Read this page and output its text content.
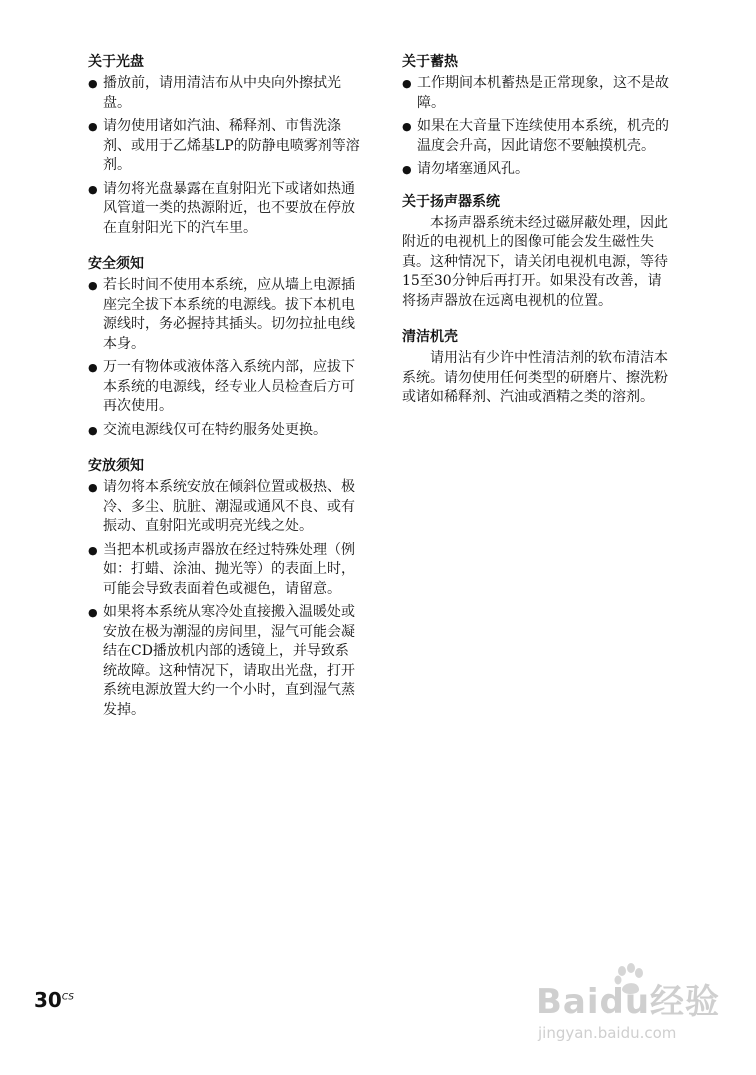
关于光盘
● 播放前，请用清洁布从中央向外擦拭光盘。
● 请勿使用诸如汽油、稀释剂、市售洗涤剂、或用于乙烯基LP的防静电喷雾剂等溶剂。
● 请勿将光盘暴露在直射阳光下或诸如热通风管道一类的热源附近，也不要放在停放在直射阳光下的汽车里。
安全须知
● 若长时间不使用本系统，应从墙上电源插座完全拔下本系统的电源线。拔下本机电源线时，务必握持其插头。切勿拉扯电线本身。
● 万一有物体或液体落入系统内部，应拔下本系统的电源线，经专业人员检查后方可再次使用。
● 交流电源线仅可在特约服务处更换。
安放须知
● 请勿将本系统安放在倾斜位置或极热、极冷、多尘、肮脏、潮湿或通风不良、或有振动、直射阳光或明亮光线之处。
● 当把本机或扬声器放在经过特殊处理（例如：打蜡、涂油、抛光等）的表面上时，可能会导致表面着色或褪色，请留意。
● 如果将本系统从寒冷处直接搬入温暖处或安放在极为潮湿的房间里，湿气可能会凝结在CD播放机内部的透镜上，并导致系统故障。这种情况下，请取出光盘，打开系统电源放置大约一个小时，直到湿气蒸发掉。
关于蓄热
● 工作期间本机蓄热是正常现象，这不是故障。
● 如果在大音量下连续使用本系统，机壳的温度会升高，因此请您不要触摸机壳。
● 请勿堵塞通风孔。
关于扬声器系统

本扬声器系统未经过磁屏蔽处理，因此附近的电视机上的图像可能会发生磁性失真。这种情况下，请关闭电视机电源，等待15至30分钟后再打开。如果没有改善，请将扬声器放在远离电视机的位置。

清洁机壳

请用沾有少许中性清洁剂的软布清洁本系统。请勿使用任何类型的研磨片、擦洗粉或诸如稀释剂、汽油或酒精之类的溶剂。

$30^{CS}$	Baidu经验
jingyan.baidu.com
